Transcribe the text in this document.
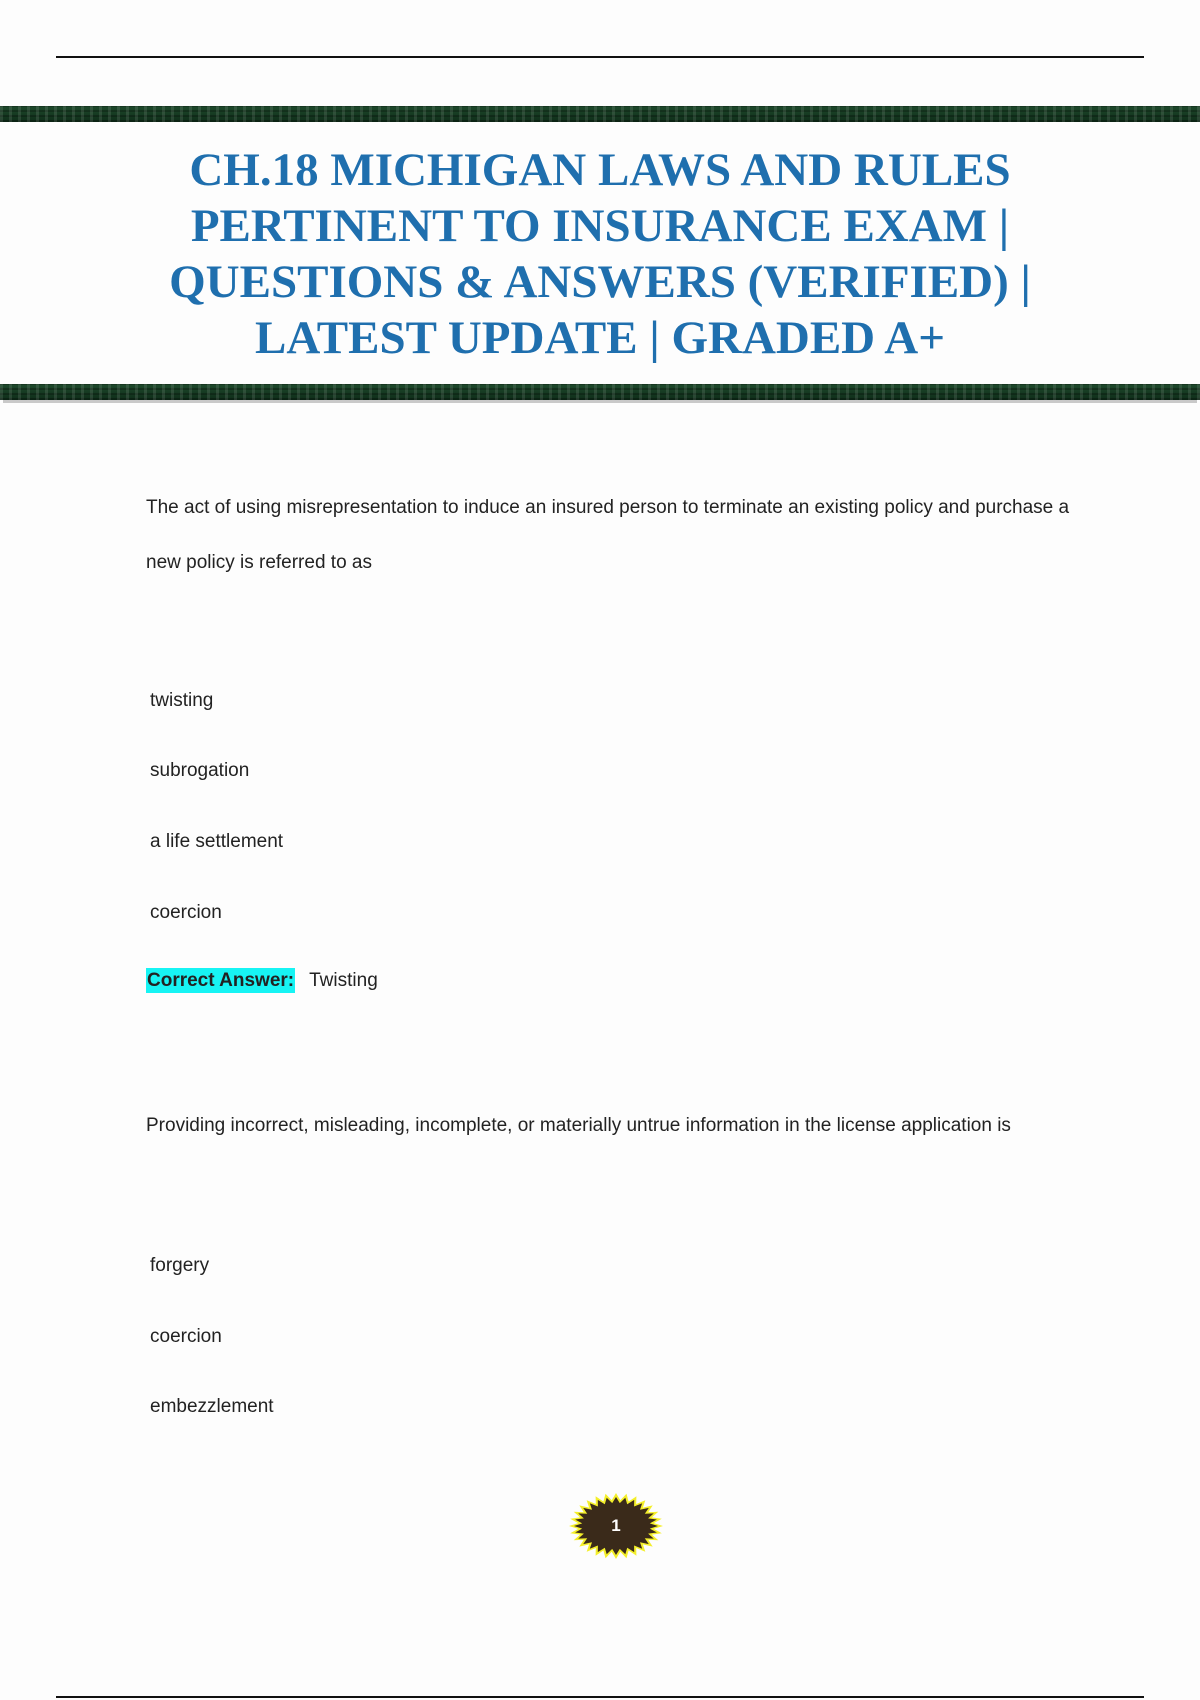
CH.18 MICHIGAN LAWS AND RULES
PERTINENT TO INSURANCE EXAM |
QUESTIONS & ANSWERS (VERIFIED) |
LATEST UPDATE | GRADED A+

The act of using misrepresentation to induce an insured person to terminate an existing policy and purchase a new policy is referred to as

twisting

subrogation

a life settlement

coercion

Correct Answer: Twisting

Providing incorrect, misleading, incomplete, or materially untrue information in the license application is

forgery

coercion

embezzlement

1
